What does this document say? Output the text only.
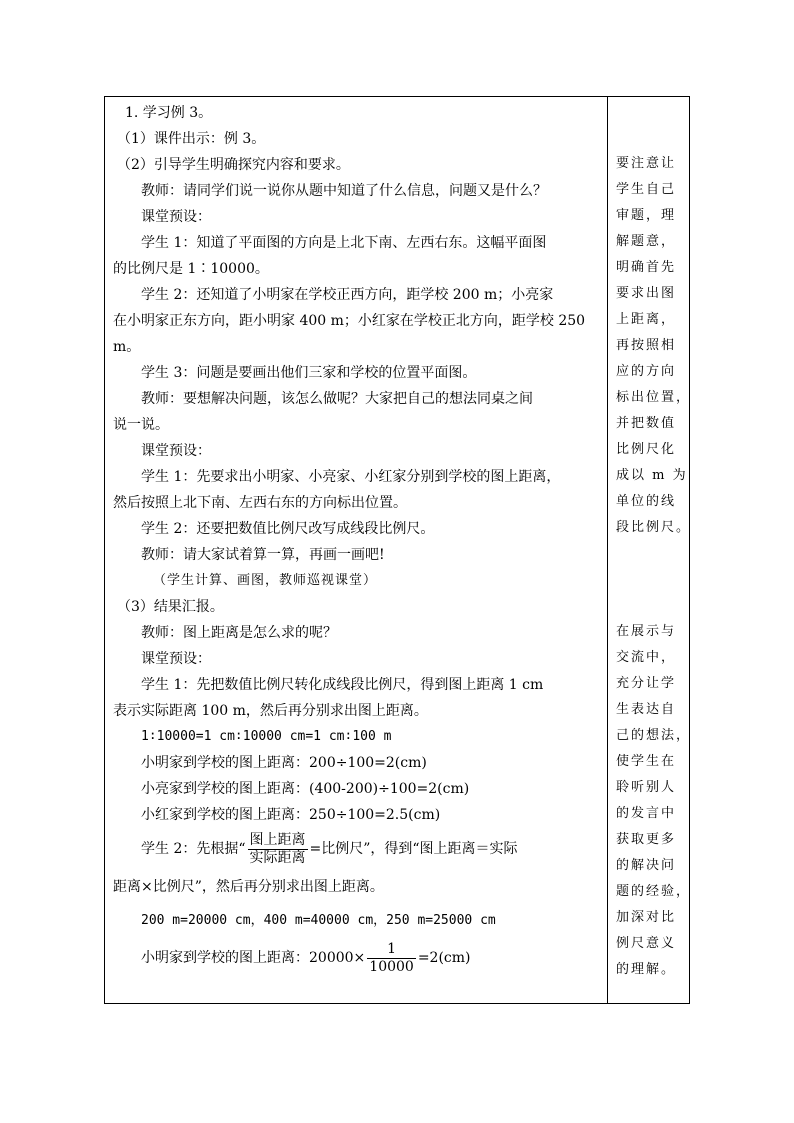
1. 学习例 3。
（1）课件出示：例 3。
（2）引导学生明确探究内容和要求。
教师：请同学们说一说你从题中知道了什么信息，问题又是什么？
课堂预设：
学生 1：知道了平面图的方向是上北下南、左西右东。这幅平面图
的比例尺是 1∶10000。
学生 2：还知道了小明家在学校正西方向，距学校 200 m；小亮家
在小明家正东方向，距小明家 400 m；小红家在学校正北方向，距学校 250
m。
学生 3：问题是要画出他们三家和学校的位置平面图。
教师：要想解决问题，该怎么做呢？大家把自己的想法同桌之间
说一说。
课堂预设：
学生 1：先要求出小明家、小亮家、小红家分别到学校的图上距离，
然后按照上北下南、左西右东的方向标出位置。
学生 2：还要把数值比例尺改写成线段比例尺。
教师：请大家试着算一算，再画一画吧!
（学生计算、画图，教师巡视课堂）
（3）结果汇报。
教师：图上距离是怎么求的呢？
课堂预设：
学生 1：先把数值比例尺转化成线段比例尺，得到图上距离 1 cm
表示实际距离 100 m，然后再分别求出图上距离。
1∶10000=1 cm∶10000 cm=1 cm∶100 m
小明家到学校的图上距离：200÷100=2(cm)
小亮家到学校的图上距离：(400-200)÷100=2(cm)
小红家到学校的图上距离：250÷100=2.5(cm)
学生 2：先根据“ $\frac{\text{图上距离}}{\text{实际距离}}$ =比例尺”，得到“图上距离＝实际
距离×比例尺”，然后再分别求出图上距离。
200 m=20000 cm，400 m=40000 cm，250 m=25000 cm
小明家到学校的图上距离：$20000\times \frac{1}{10000} =2(cm)$
要注意让
学生自己
审题，理
解题意，
明确首先
要求出图
上距离，
再按照相
应的方向
标出位置，
并把数值
比例尺化
成以 m 为
单位的线
段比例尺。
在展示与
交流中，
充分让学
生表达自
己的想法，
使学生在
聆听别人
的发言中
获取更多
的解决问
题的经验，
加深对比
例尺意义
的理解。
